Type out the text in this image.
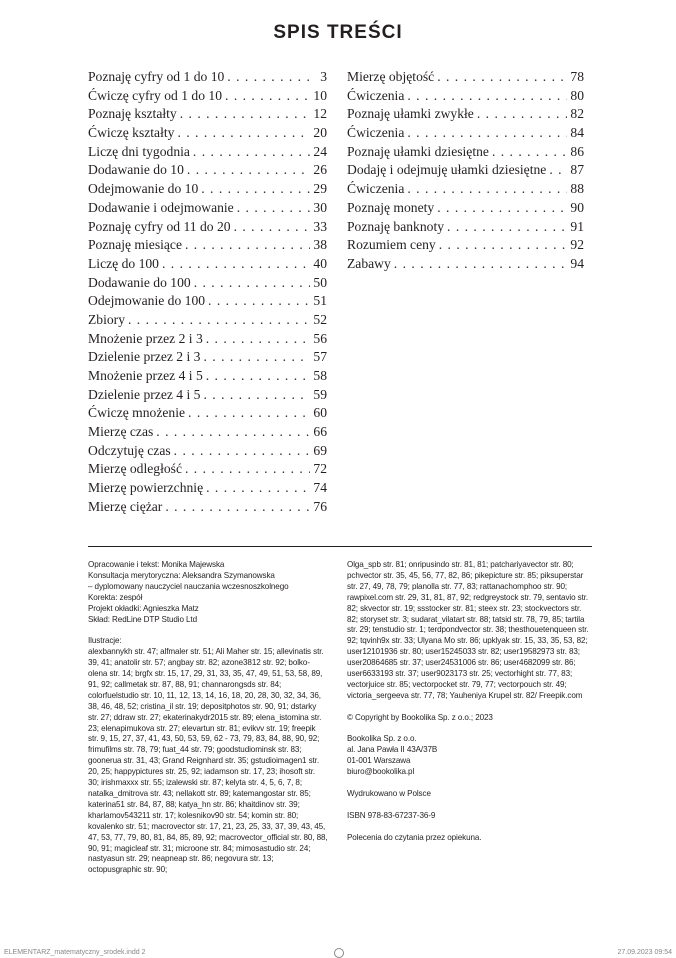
SPIS TREŚCI
Poznaję cyfry od 1 do 10 . . .	3
Ćwiczę cyfry od 1 do 10 . . .	10
Poznaję kształty . . .	12
Ćwiczę kształty . . .	20
Liczę dni tygodnia . . .	24
Dodawanie do 10 . . .	26
Odejmowanie do 10 . . .	29
Dodawanie i odejmowanie . . .	30
Poznaję cyfry od 11 do 20 . . .	33
Poznaję miesiące . . .	38
Liczę do 100 . . .	40
Dodawanie do 100 . . .	50
Odejmowanie do 100 . . .	51
Zbiory . . .	52
Mnożenie przez 2 i 3 . . .	56
Dzielenie przez 2 i 3 . . .	57
Mnożenie przez 4 i 5 . . .	58
Dzielenie przez 4 i 5 . . .	59
Ćwiczę mnożenie . . .	60
Mierzę czas . . .	66
Odczytuję czas . . .	69
Mierzę odległość . . .	72
Mierzę powierzchnię . . .	74
Mierzę ciężar . . .	76
Mierzę objętość . . .	78
Ćwiczenia . . .	80
Poznaję ułamki zwykłe . . .	82
Ćwiczenia . . .	84
Poznaję ułamki dziesiętne . . .	86
Dodaję i odejmuję ułamki dziesiętne . . . 87
Ćwiczenia . . .	88
Poznaję monety . . .	90
Poznaję banknoty . . .	91
Rozumiem ceny . . .	92
Zabawy . . .	94

Opracowanie i tekst: Monika Majewska

Konsultacja merytoryczna: Aleksandra Szymanowska

– dyplomowany nauczyciel nauczania wczesnoszkolnego

Korekta: zespół

Projekt okładki: Agnieszka Matz

Skład: RedLine DTP Studio Ltd

Ilustracje:

alexbannykh str. 47; alfmaler str. 51; Ali Maher str. 15; allevinatis str. 39, 41; anatolir str. 57; angbay str. 82; azone3812 str. 92; bolko-olena str. 14; brgfx str. 15, 17, 29, 31, 33, 35, 47, 49, 51, 53, 58, 89, 91, 92; callmetak str. 87, 88, 91; channarongsds str. 84; colorfuelstudio str. 10, 11, 12, 13, 14, 16, 18, 20, 28, 30, 32, 34, 36, 38, 46, 48, 52; cristina_il str. 19; depositphotos str. 90, 91; dstarky str. 27; ddraw str. 27; ekaterinakydr2015 str. 89; elena_istomina str. 23; elenapimukova str. 27; elevartun str. 81; evikvv str. 19; freepik str. 9, 15, 27, 37, 41, 43, 50, 53, 59, 62 - 73, 79, 83, 84, 88, 90, 92; frimufilms str. 78, 79; fuat_44 str. 79; goodstudiominsk str. 83; goonerua str. 31, 43; Grand Reignhard str. 35; gstudioimagen1 str. 20, 25; happypictures str. 25, 92; iadamson str. 17, 23; ihosoft str. 30; irishmaxxx str. 55; izalewski str. 87; kelyta str. 4, 5, 6, 7, 8; natalka_dmitrova str. 43; nellakott str. 89; katemangostar str. 85; katerina51 str. 84, 87, 88; katya_hn str. 86; khaitdinov str. 39; kharlamov543211 str. 17; kolesnikov90 str. 54; komin str. 80; kovalenko str. 51; macrovector str. 17, 21, 23, 25, 33, 37, 39, 43, 45, 47, 53, 77, 79, 80, 81, 84, 85, 89, 92; macrovector_official str. 80, 88, 90, 91; magicleaf str. 31; microone str. 84; mimosastudio str. 24; nastyasun str. 29; neapneap str. 86; negovura str. 13; octopusgraphic str. 90;

Olga_spb str. 81; onripusindo str. 81, 81; patchariyavector str. 80; pchvector str. 35, 45, 56, 77, 82, 86; pikepicture str. 85; piksuperstar str. 27, 49, 78, 79; planolla str. 77, 83; rattanachomphoo str. 90; rawpixel.com str. 29, 31, 81, 87, 92; redgreystock str. 79, sentavio str. 82; skvector str. 19; ssstocker str. 81; steex str. 23; stockvectors str. 82; storyset str. 3; sudarat_vilatart str. 88; tatsid str. 78, 79, 85; tartila str. 29; tenstudio str. 1; terdpondvector str. 38; thesthouetenqueen str. 92; tqvinh9x str. 33; Ulyana Mo str. 86; upklyak str. 15, 33, 35, 53, 82; user12101936 str. 80; user15245033 str. 82; user19582973 str. 83; user20864685 str. 37; user24531006 str. 86; user4682099 str. 86; user6633193 str. 37; user9023173 str. 25; vectorhight str. 77, 83; vectorjuice str. 85; vectorpocket str. 79, 77; vectorpouch str. 49; victoria_sergeeva str. 77, 78; Yauheniya Krupel str. 82/ Freepik.com

© Copyright by Bookolika Sp. z o.o.; 2023

Bookolika Sp. z o.o.

al. Jana Pawła II 43A/37B

01-001 Warszawa

biuro@bookolika.pl

Wydrukowano w Polsce

ISBN 978-83-67237-36-9

Polecenia do czytania przez opiekuna.

ELEMENTARZ_matematyczny_srodek.indd 2	27.09.2023 09:54
